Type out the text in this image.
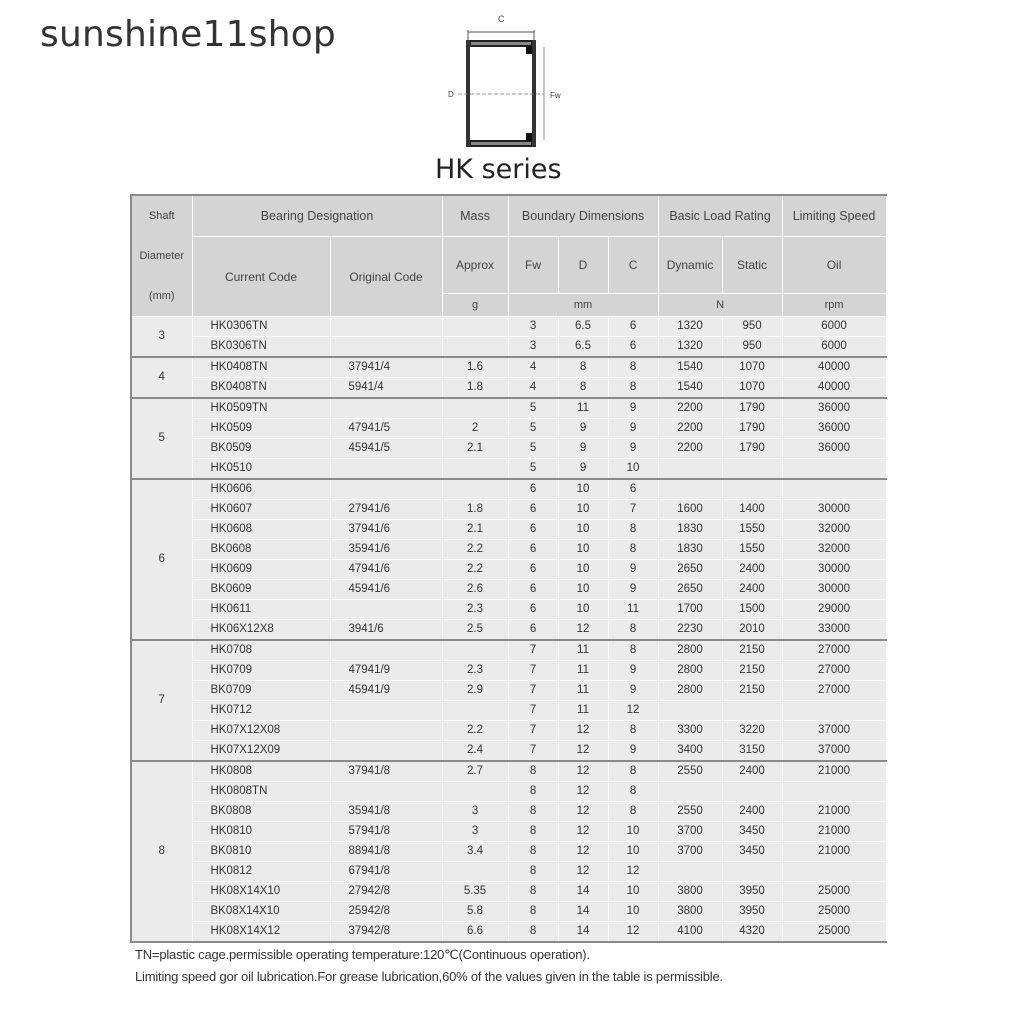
sunshine11shop	C
D	Fw
HK series
Shaft Diameter (mm)	Bearing Designation		Mass	Boundary Dimensions			Basic Load Rating		Limiting Speed
	Current Code	Original Code	Approx	Fw	D	C	Dynamic	Static	Oil
			g	mm			N		rpm
3	HK0306TN			3	6.5	6	1320	950	6000
	BK0306TN			3	6.5	6	1320	950	6000
4	HK0408TN	37941/4	1.6	4	8	8	1540	1070	40000
	BK0408TN	5941/4	1.8	4	8	8	1540	1070	40000
5	HK0509TN			5	11	9	2200	1790	36000
	HK0509	47941/5	2	5	9	9	2200	1790	36000
	BK0509	45941/5	2.1	5	9	9	2200	1790	36000
	HK0510			5	9	10			
6	HK0606			6	10	6			
	HK0607	27941/6	1.8	6	10	7	1600	1400	30000
	HK0608	37941/6	2.1	6	10	8	1830	1550	32000
	BK0608	35941/6	2.2	6	10	8	1830	1550	32000
	HK0609	47941/6	2.2	6	10	9	2650	2400	30000
	BK0609	45941/6	2.6	6	10	9	2650	2400	30000
	HK0611		2.3	6	10	11	1700	1500	29000
	HK06X12X8	3941/6	2.5	6	12	8	2230	2010	33000
7	HK0708			7	11	8	2800	2150	27000
	HK0709	47941/9	2.3	7	11	9	2800	2150	27000
	BK0709	45941/9	2.9	7	11	9	2800	2150	27000
	HK0712			7	11	12			
	HK07X12X08		2.2	7	12	8	3300	3220	37000
	HK07X12X09		2.4	7	12	9	3400	3150	37000
8	HK0808	37941/8	2.7	8	12	8	2550	2400	21000
	HK0808TN			8	12	8			
	BK0808	35941/8	3	8	12	8	2550	2400	21000
	HK0810	57941/8	3	8	12	10	3700	3450	21000
	BK0810	88941/8	3.4	8	12	10	3700	3450	21000
	HK0812	67941/8		8	12	12			
	HK08X14X10	27942/8	5.35	8	14	10	3800	3950	25000
	BK08X14X10	25942/8	5.8	8	14	10	3800	3950	25000
	HK08X14X12	37942/8	6.6	8	14	12	4100	4320	25000
TN=plastic cage.permissible operating temperature:120℃(Continuous operation).
Limiting speed gor oil lubrication.For grease lubrication,60% of the values given in the table is permissible.
